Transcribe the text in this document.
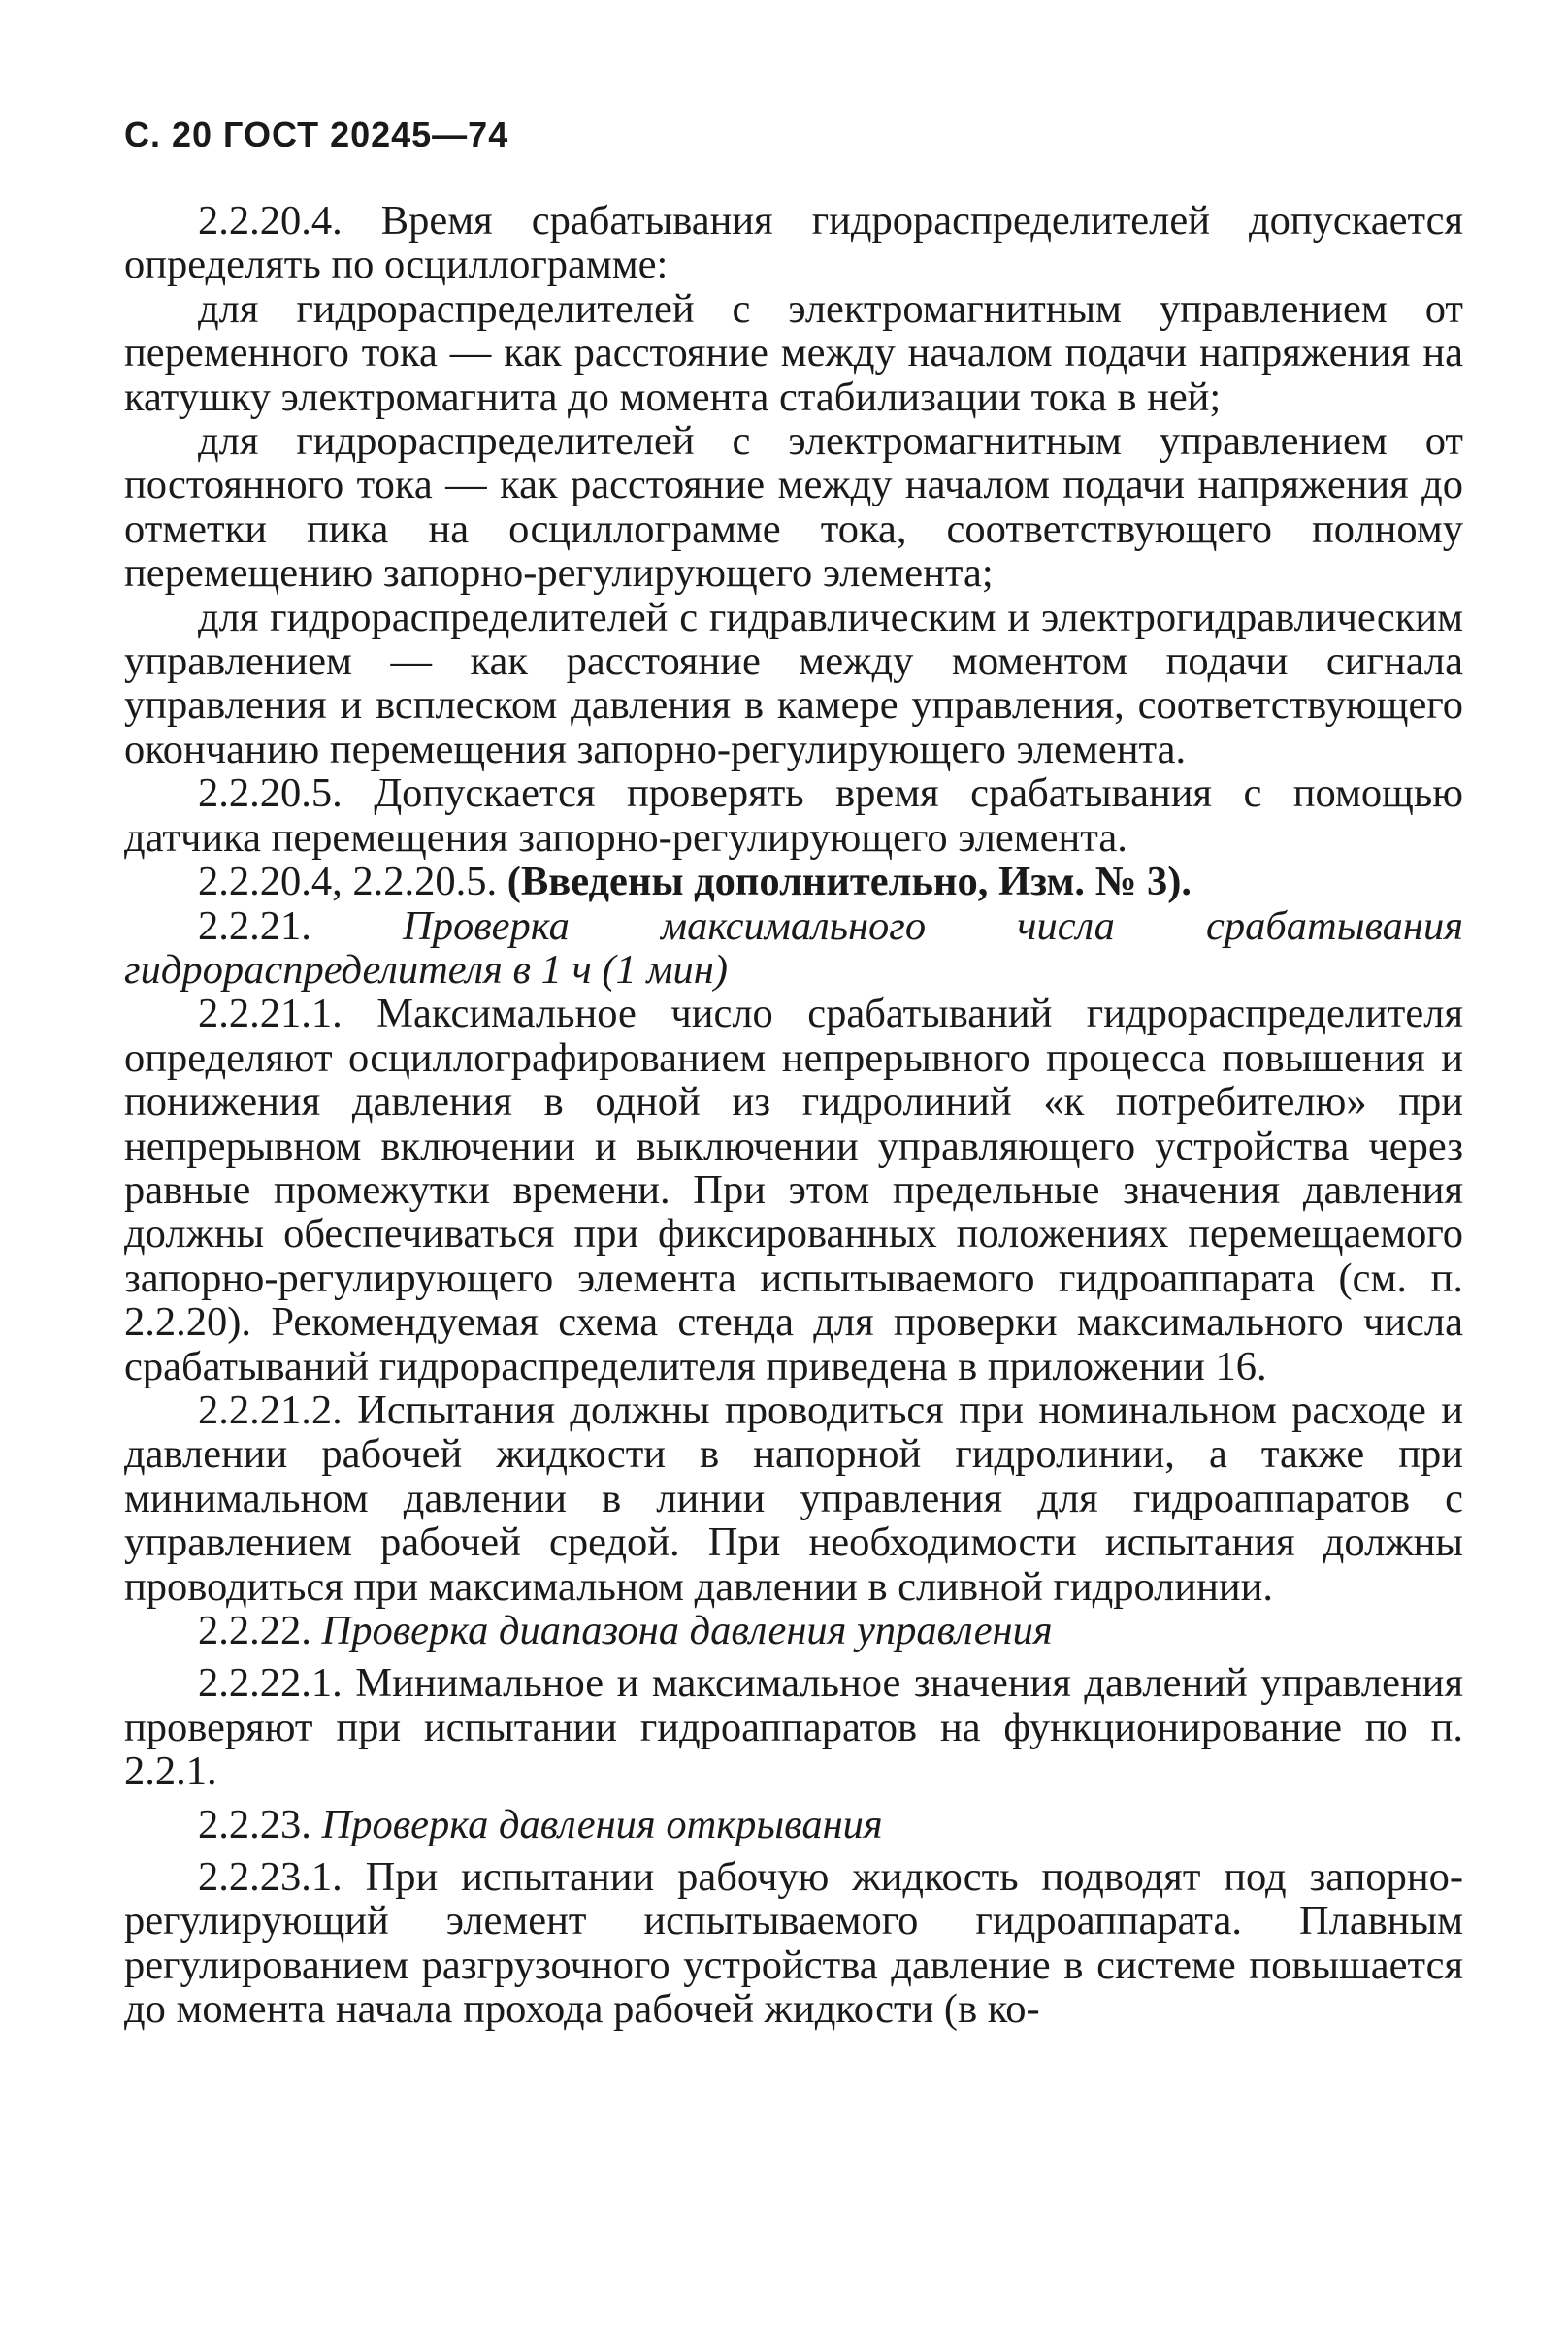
С. 20 ГОСТ 20245—74

2.2.20.4. Время срабатывания гидрораспределителей допускается определять по осциллограмме:

для гидрораспределителей с электромагнитным управлением от переменного тока — как расстояние между началом подачи напряжения на катушку электромагнита до момента стабилизации тока в ней;

для гидрораспределителей с электромагнитным управлением от постоянного тока — как расстояние между началом подачи напряжения до отметки пика на осциллограмме тока, соответствующего полному перемещению запорно-регулирующего элемента;

для гидрораспределителей с гидравлическим и электрогидравлическим управлением — как расстояние между моментом подачи сигнала управления и всплеском давления в камере управления, соответствующего окончанию перемещения запорно-регулирующего элемента.

2.2.20.5. Допускается проверять время срабатывания с помощью датчика перемещения запорно-регулирующего элемента.

2.2.20.4, 2.2.20.5. (Введены дополнительно, Изм. № 3).

2.2.21. Проверка максимального числа срабатывания гидрораспределителя в 1 ч (1 мин)

2.2.21.1. Максимальное число срабатываний гидрораспределителя определяют осциллографированием непрерывного процесса повышения и понижения давления в одной из гидролиний «к потребителю» при непрерывном включении и выключении управляющего устройства через равные промежутки времени. При этом предельные значения давления должны обеспечиваться при фиксированных положениях перемещаемого запорно-регулирующего элемента испытываемого гидроаппарата (см. п. 2.2.20). Рекомендуемая схема стенда для проверки максимального числа срабатываний гидрораспределителя приведена в приложении 16.

2.2.21.2. Испытания должны проводиться при номинальном расходе и давлении рабочей жидкости в напорной гидролинии, а также при минимальном давлении в линии управления для гидроаппаратов с управлением рабочей средой. При необходимости испытания должны проводиться при максимальном давлении в сливной гидролинии.

2.2.22. Проверка диапазона давления управления

2.2.22.1. Минимальное и максимальное значения давлений управления проверяют при испытании гидроаппаратов на функционирование по п. 2.2.1.

2.2.23. Проверка давления открывания

2.2.23.1. При испытании рабочую жидкость подводят под запорно-регулирующий элемент испытываемого гидроаппарата. Плавным регулированием разгрузочного устройства давление в системе повышается до момента начала прохода рабочей жидкости (в ко-
